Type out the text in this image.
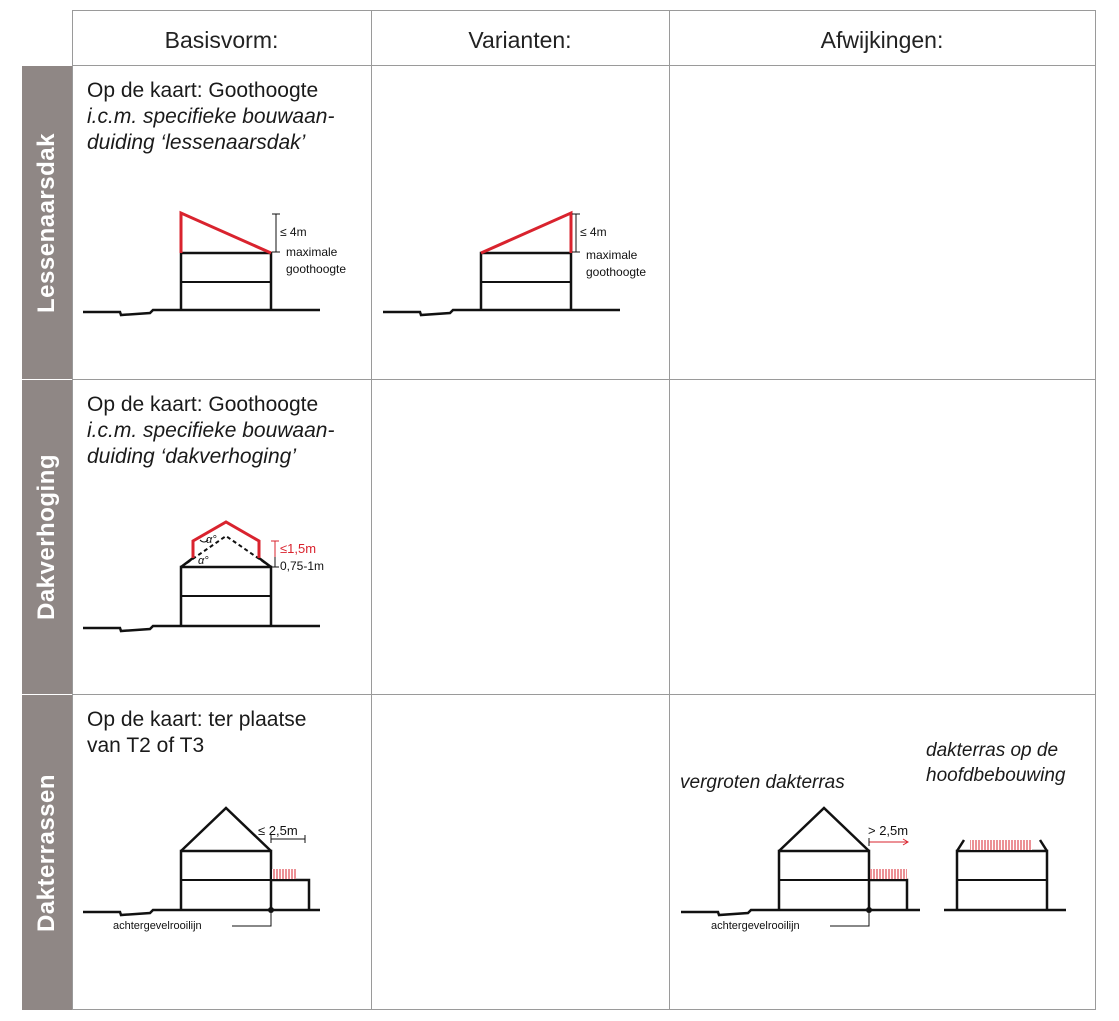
Lessenaarsdak
Dakverhoging
Dakterrassen
Basisvorm:	Varianten:	Afwijkingen:
Op de kaart: Goothoogte
i.c.m. specifieke bouwaan-
duiding ‘lessenaarsdak’
Op de kaart: Goothoogte
i.c.m. specifieke bouwaan-
duiding ‘dakverhoging’
Op de kaart: ter plaatse
van T2 of T3
vergroten dakterras
dakterras op de
hoofdbebouwing
≤ 4m
maximale
goothoogte
≤ 4m
maximale
goothoogte
α°
α°
≤1,5m
0,75-1m
≤ 2,5m
achtergevelrooilijn
> 2,5m
achtergevelrooilijn
